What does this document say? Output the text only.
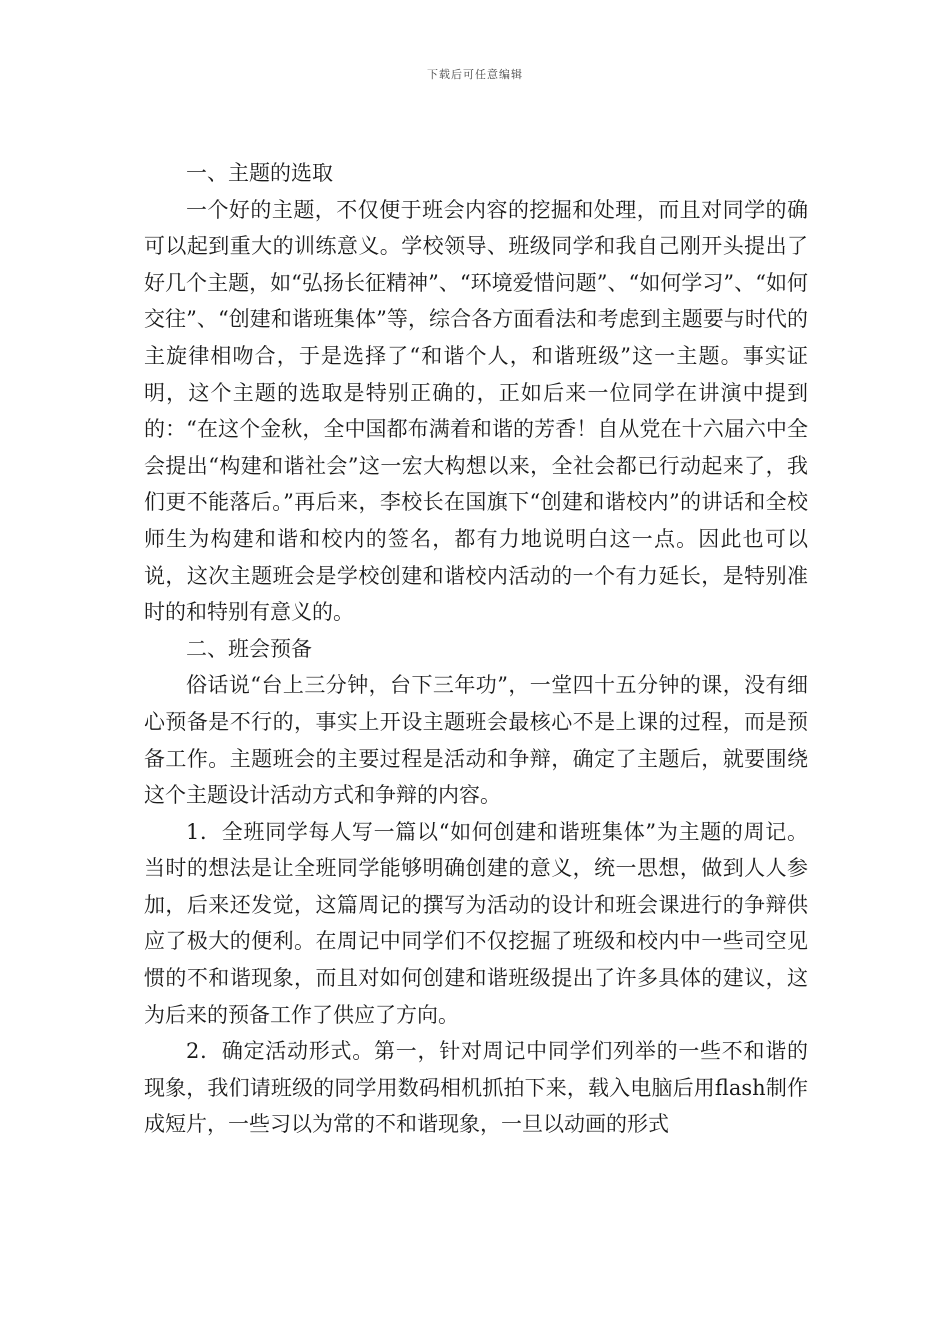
下载后可任意编辑

一、主题的选取

一个好的主题，不仅便于班会内容的挖掘和处理，而且对同学的确可以起到重大的训练意义。学校领导、班级同学和我自己刚开头提出了好几个主题，如“弘扬长征精神”、“环境爱惜问题”、“如何学习”、“如何交往”、“创建和谐班集体”等，综合各方面看法和考虑到主题要与时代的主旋律相吻合，于是选择了“和谐个人，和谐班级”这一主题。事实证明，这个主题的选取是特别正确的，正如后来一位同学在讲演中提到的：“在这个金秋，全中国都布满着和谐的芳香！自从党在十六届六中全会提出“构建和谐社会”这一宏大构想以来，全社会都已行动起来了，我们更不能落后。”再后来，李校长在国旗下“创建和谐校内”的讲话和全校师生为构建和谐和校内的签名，都有力地说明白这一点。因此也可以说，这次主题班会是学校创建和谐校内活动的一个有力延长，是特别准时的和特别有意义的。

二、班会预备

俗话说“台上三分钟，台下三年功”，一堂四十五分钟的课，没有细心预备是不行的，事实上开设主题班会最核心不是上课的过程，而是预备工作。主题班会的主要过程是活动和争辩，确定了主题后，就要围绕这个主题设计活动方式和争辩的内容。

1．全班同学每人写一篇以“如何创建和谐班集体”为主题的周记。当时的想法是让全班同学能够明确创建的意义，统一思想，做到人人参加，后来还发觉，这篇周记的撰写为活动的设计和班会课进行的争辩供应了极大的便利。在周记中同学们不仅挖掘了班级和校内中一些司空见惯的不和谐现象，而且对如何创建和谐班级提出了许多具体的建议，这为后来的预备工作了供应了方向。

2．确定活动形式。第一，针对周记中同学们列举的一些不和谐的现象，我们请班级的同学用数码相机抓拍下来，载入电脑后用flash制作成短片，一些习以为常的不和谐现象，一旦以动画的形式
